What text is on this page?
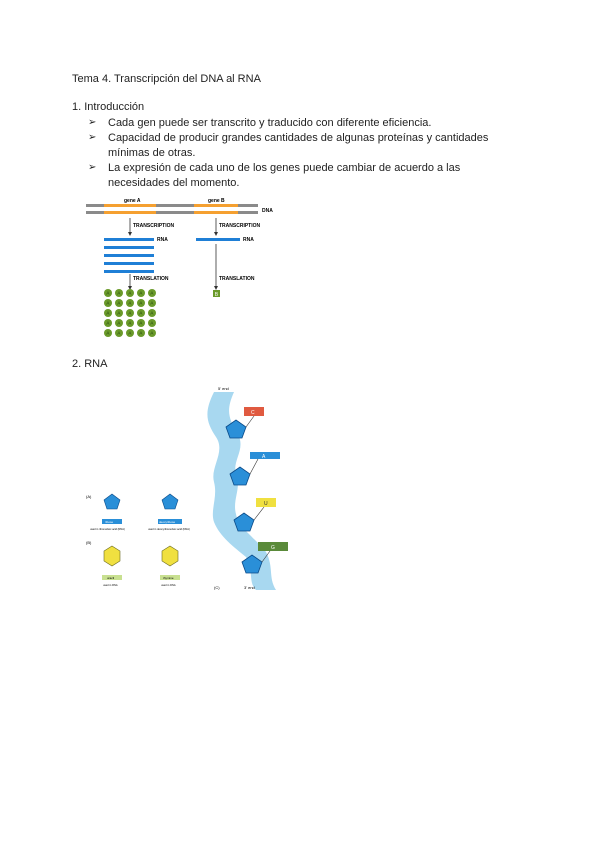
Tema 4. Transcripción del DNA al RNA
1. Introducción
➢ Cada gen puede ser transcrito y traducido con diferente eficiencia.
➢ Capacidad de producir grandes cantidades de algunas proteínas y cantidades mínimas de otras.
➢ La expresión de cada uno de los genes puede cambiar de acuerdo a las necesidades del momento.
gene A	gene B
DNA
TRANSCRIPTION	TRANSCRIPTION
RNA	RNA
TRANSLATION	TRANSLATION
A A A A A
A A A A A
A A A A A
A A A A A
A A A A A
B
2. RNA
5' end
3' end
(C)
C
A
U
G
(A)
ribose	deoxyribose
used in ribonucleic acid (RNA)	used in deoxyribonucleic acid (DNA)
(B)
uracil	thymine
used in RNA	used in DNA
